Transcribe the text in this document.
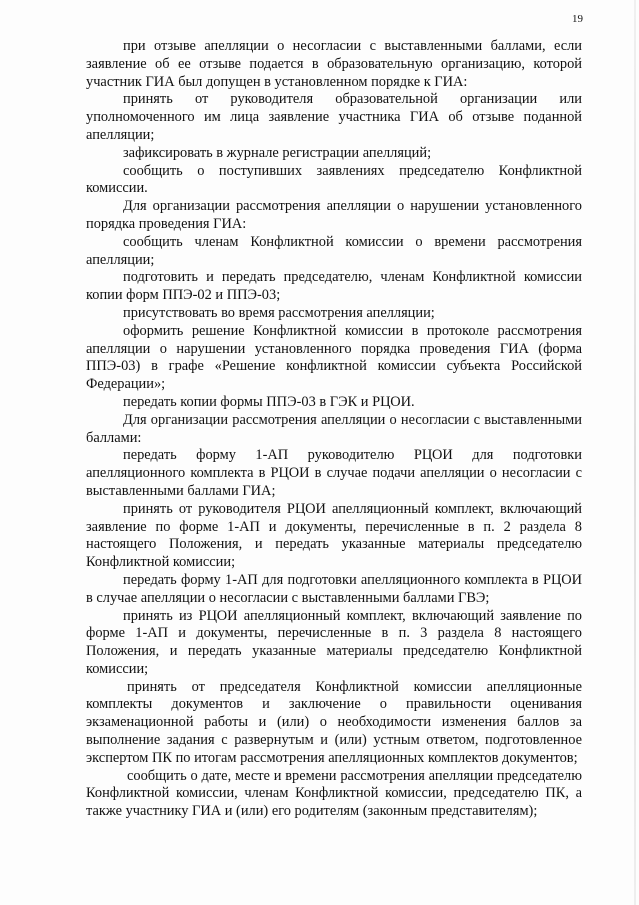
19

при отзыве апелляции о несогласии с выставленными баллами, если заявление об ее отзыве подается в образовательную организацию, которой участник ГИА был допущен в установленном порядке к ГИА:

принять от руководителя образовательной организации или уполномоченного им лица заявление участника ГИА об отзыве поданной апелляции;

зафиксировать в журнале регистрации апелляций;

сообщить о поступивших заявлениях председателю Конфликтной комиссии.

Для организации рассмотрения апелляции о нарушении установленного порядка проведения ГИА:

сообщить членам Конфликтной комиссии о времени рассмотрения апелляции;

подготовить и передать председателю, членам Конфликтной комиссии копии форм ППЭ-02 и ППЭ-03;

присутствовать во время рассмотрения апелляции;

оформить решение Конфликтной комиссии в протоколе рассмотрения апелляции о нарушении установленного порядка проведения ГИА (форма ППЭ-03) в графе «Решение конфликтной комиссии субъекта Российской Федерации»;

передать копии формы ППЭ-03 в ГЭК и РЦОИ.

Для организации рассмотрения апелляции о несогласии с выставленными баллами:

передать форму 1-АП руководителю РЦОИ для подготовки апелляционного комплекта в РЦОИ в случае подачи апелляции о несогласии с выставленными баллами ГИА;

принять от руководителя РЦОИ апелляционный комплект, включающий заявление по форме 1-АП и документы, перечисленные в п. 2 раздела 8 настоящего Положения, и передать указанные материалы председателю Конфликтной комиссии;

передать форму 1-АП для подготовки апелляционного комплекта в РЦОИ в случае апелляции о несогласии с выставленными баллами ГВЭ;

принять из РЦОИ апелляционный комплект, включающий заявление по форме 1-АП и документы, перечисленные в п. 3 раздела 8 настоящего Положения, и передать указанные материалы председателю Конфликтной комиссии;

принять от председателя Конфликтной комиссии апелляционные комплекты документов и заключение о правильности оценивания экзаменационной работы и (или) о необходимости изменения баллов за выполнение задания с развернутым и (или) устным ответом, подготовленное экспертом ПК по итогам рассмотрения апелляционных комплектов документов;

сообщить о дате, месте и времени рассмотрения апелляции председателю Конфликтной комиссии, членам Конфликтной комиссии, председателю ПК, а также участнику ГИА и (или) его родителям (законным представителям);
